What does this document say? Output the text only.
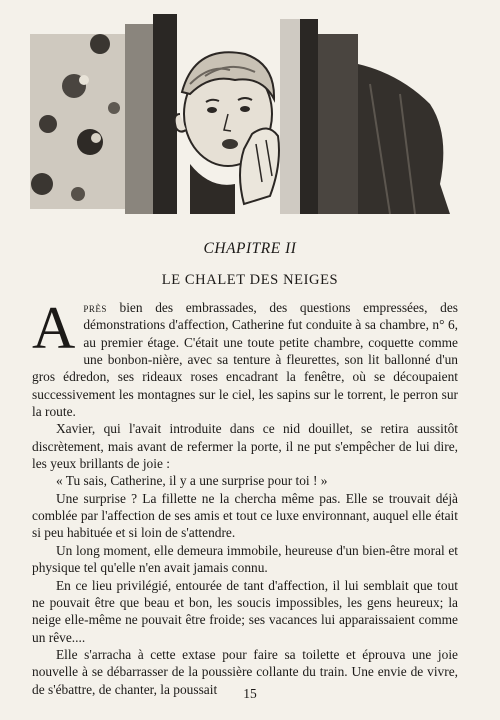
CHAPITRE II
LE CHALET DES NEIGES

Après bien des embrassades, des questions empressées, des démonstrations d'affection, Catherine fut conduite à sa chambre, n° 6, au premier étage. C'était une toute petite chambre, coquette comme une bonbon-nière, avec sa tenture à fleurettes, son lit ballonné d'un gros édredon, ses rideaux roses encadrant la fenêtre, où se découpaient successivement les montagnes sur le ciel, les sapins sur le torrent, le perron sur la route.

Xavier, qui l'avait introduite dans ce nid douillet, se retira aussitôt discrètement, mais avant de refermer la porte, il ne put s'empêcher de lui dire, les yeux brillants de joie :

« Tu sais, Catherine, il y a une surprise pour toi ! »

Une surprise ? La fillette ne la chercha même pas. Elle se trouvait déjà comblée par l'affection de ses amis et tout ce luxe environnant, auquel elle était si peu habituée et si loin de s'attendre.

Un long moment, elle demeura immobile, heureuse d'un bien-être moral et physique tel qu'elle n'en avait jamais connu.

En ce lieu privilégié, entourée de tant d'affection, il lui semblait que tout ne pouvait être que beau et bon, les soucis impossibles, les gens heureux; la neige elle-même ne pouvait être froide; ses vacances lui apparaissaient comme un rêve....

Elle s'arracha à cette extase pour faire sa toilette et éprouva une joie nouvelle à se débarrasser de la poussière collante du train. Une envie de vivre, de s'ébattre, de chanter, la poussait	15
